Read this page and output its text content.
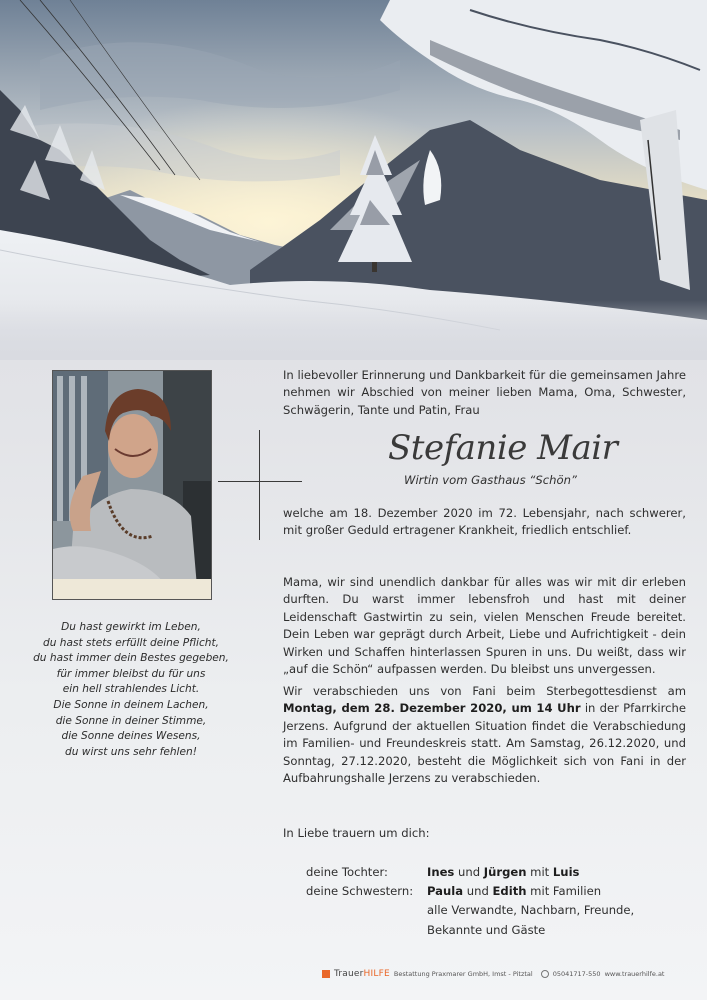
Du hast gewirkt im Leben,
du hast stets erfüllt deine Pflicht,
du hast immer dein Bestes gegeben,
für immer bleibst du für uns
ein hell strahlendes Licht.
Die Sonne in deinem Lachen,
die Sonne in deiner Stimme,
die Sonne deines Wesens,
du wirst uns sehr fehlen!
In liebevoller Erinnerung und Dankbarkeit für die gemeinsamen Jahre nehmen wir Abschied von meiner lieben Mama, Oma, Schwester, Schwägerin, Tante und Patin, Frau
Stefanie Mair
Wirtin vom Gasthaus “Schön”
welche am 18. Dezember 2020 im 72. Lebensjahr, nach schwerer, mit großer Geduld ertragener Krankheit, friedlich entschlief.
Mama, wir sind unendlich dankbar für alles was wir mit dir erleben durften. Du warst immer lebensfroh und hast mit deiner Leidenschaft Gastwirtin zu sein, vielen Menschen Freude bereitet. Dein Leben war geprägt durch Arbeit, Liebe und Aufrichtigkeit - dein Wirken und Schaffen hinterlassen Spuren in uns. Du weißt, dass wir „auf die Schön“ aufpassen werden. Du bleibst uns unvergessen.
Wir verabschieden uns von Fani beim Sterbegottesdienst am Montag, dem 28. Dezember 2020, um 14 Uhr in der Pfarrkirche Jerzens. Aufgrund der aktuellen Situation findet die Verabschiedung im Familien- und Freundeskreis statt. Am Samstag, 26.12.2020, und Sonntag, 27.12.2020, besteht die Möglichkeit sich von Fani in der Aufbahrungshalle Jerzens zu verabschieden.
In Liebe trauern um dich:
deine Tochter:	Ines und Jürgen mit Luis
deine Schwestern: Paula und Edith mit Familien
alle Verwandte, Nachbarn, Freunde,
Bekannte und Gäste
TrauerHILFE Bestattung Praxmarer GmbH, Imst - Pitztal	05041717-550 www.trauerhilfe.at
